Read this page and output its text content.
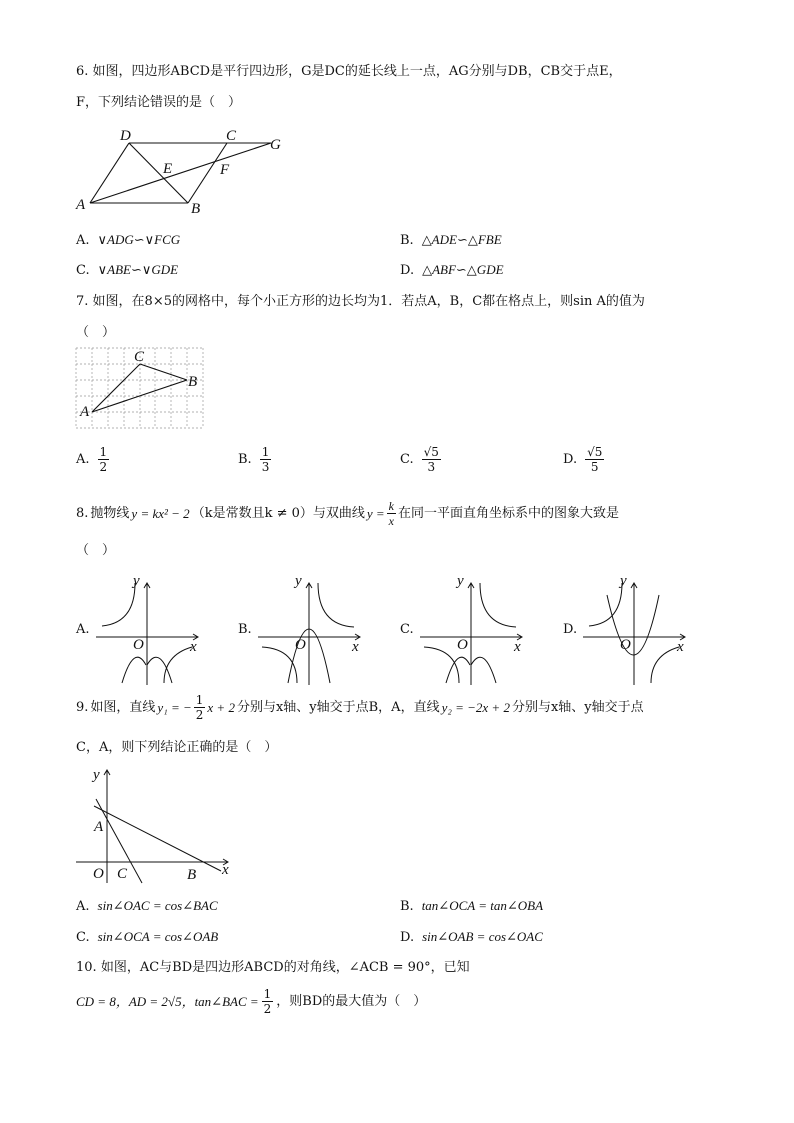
6. 如图，四边形ABCD是平行四边形，G是DC的延长线上一点，AG分别与DB，CB交于点E，
F，下列结论错误的是（　）
D	C
G
E	F
A	B
A. ∨ADG∽∨FCG	B. △ADE∽△FBE
C. ∨ABE∽∨GDE	D. △ABF∽△GDE
7. 如图，在8×5的网格中，每个小正方形的边长均为1．若点A，B，C都在格点上，则sin A的值为
（　）
C
B
A
A. $\frac{1}{2}$	B. $\frac{1}{3}$	C. $\frac{√5}{3}$	D. $\frac{√5}{5}$
8. 抛物线 y = kx² − 2 （k是常数且k ≠ 0）与双曲线 $y = \frac{k}{x}$ 在同一平面直角坐标系中的图象大致是
（　）
A.
y
x
O
B.
y
x
O
C.
y
x
O
D.
y
x
O
9. 如图，直线 y₁ = − $\frac{1}{2}$ x + 2 分别与x轴、y轴交于点B，A，直线 y₂ = −2x + 2 分别与x轴、y轴交于点
C，A，则下列结论正确的是（　）
y
x
A
O C	B
A. sin∠OAC = cos∠BAC	B. tan∠OCA = tan∠OBA
C. sin∠OCA = cos∠OAB	D. sin∠OAB = cos∠OAC
10. 如图，AC与BD是四边形ABCD的对角线，∠ACB = 90°，已知
CD = 8，AD = 2√5，tan∠BAC = $\frac{1}{2}$ ，则BD的最大值为（　）
